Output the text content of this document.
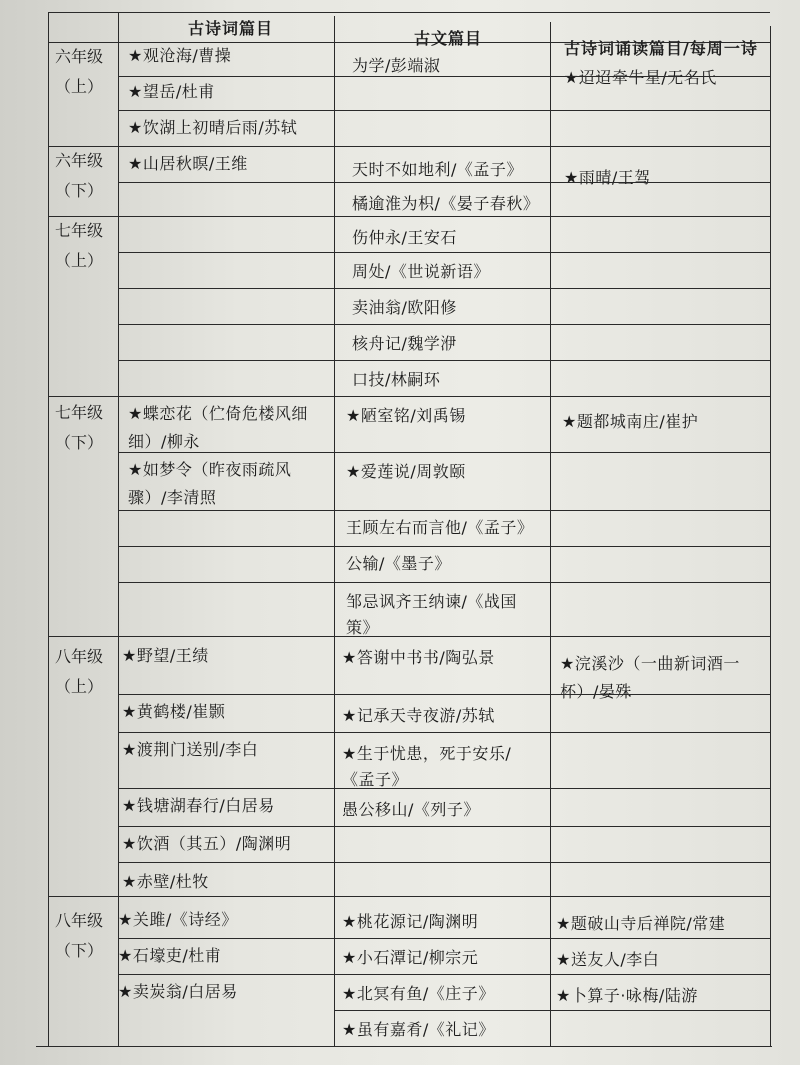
古诗词篇目
古文篇目
古诗词诵读篇目/每周一诗
六年级
（上）
六年级
（下）
七年级
（上）
七年级
（下）
八年级
（上）
八年级
（下）
★观沧海/曹操
★望岳/杜甫
★饮湖上初晴后雨/苏轼
★山居秋暝/王维
★蝶恋花（伫倚危楼风细
细）/柳永
★如梦令（昨夜雨疏风
骤）/李清照
★野望/王绩
★黄鹤楼/崔颢
★渡荆门送别/李白
★钱塘湖春行/白居易
★饮酒（其五）/陶渊明
★赤壁/杜牧
★关雎/《诗经》
★石壕吏/杜甫
★卖炭翁/白居易
为学/彭端淑
天时不如地利/《孟子》
橘逾淮为枳/《晏子春秋》
伤仲永/王安石
周处/《世说新语》
卖油翁/欧阳修
核舟记/魏学洢
口技/林嗣环
★陋室铭/刘禹锡
★爱莲说/周敦颐
王顾左右而言他/《孟子》
公输/《墨子》
邹忌讽齐王纳谏/《战国
策》
★答谢中书书/陶弘景
★记承天寺夜游/苏轼
★生于忧患，死于安乐/
《孟子》
愚公移山/《列子》
★桃花源记/陶渊明
★小石潭记/柳宗元
★北冥有鱼/《庄子》
★虽有嘉肴/《礼记》
★迢迢牵牛星/无名氏
★雨晴/王驾
★题都城南庄/崔护
★浣溪沙（一曲新词酒一
杯）/晏殊
★题破山寺后禅院/常建
★送友人/李白
★卜算子·咏梅/陆游
